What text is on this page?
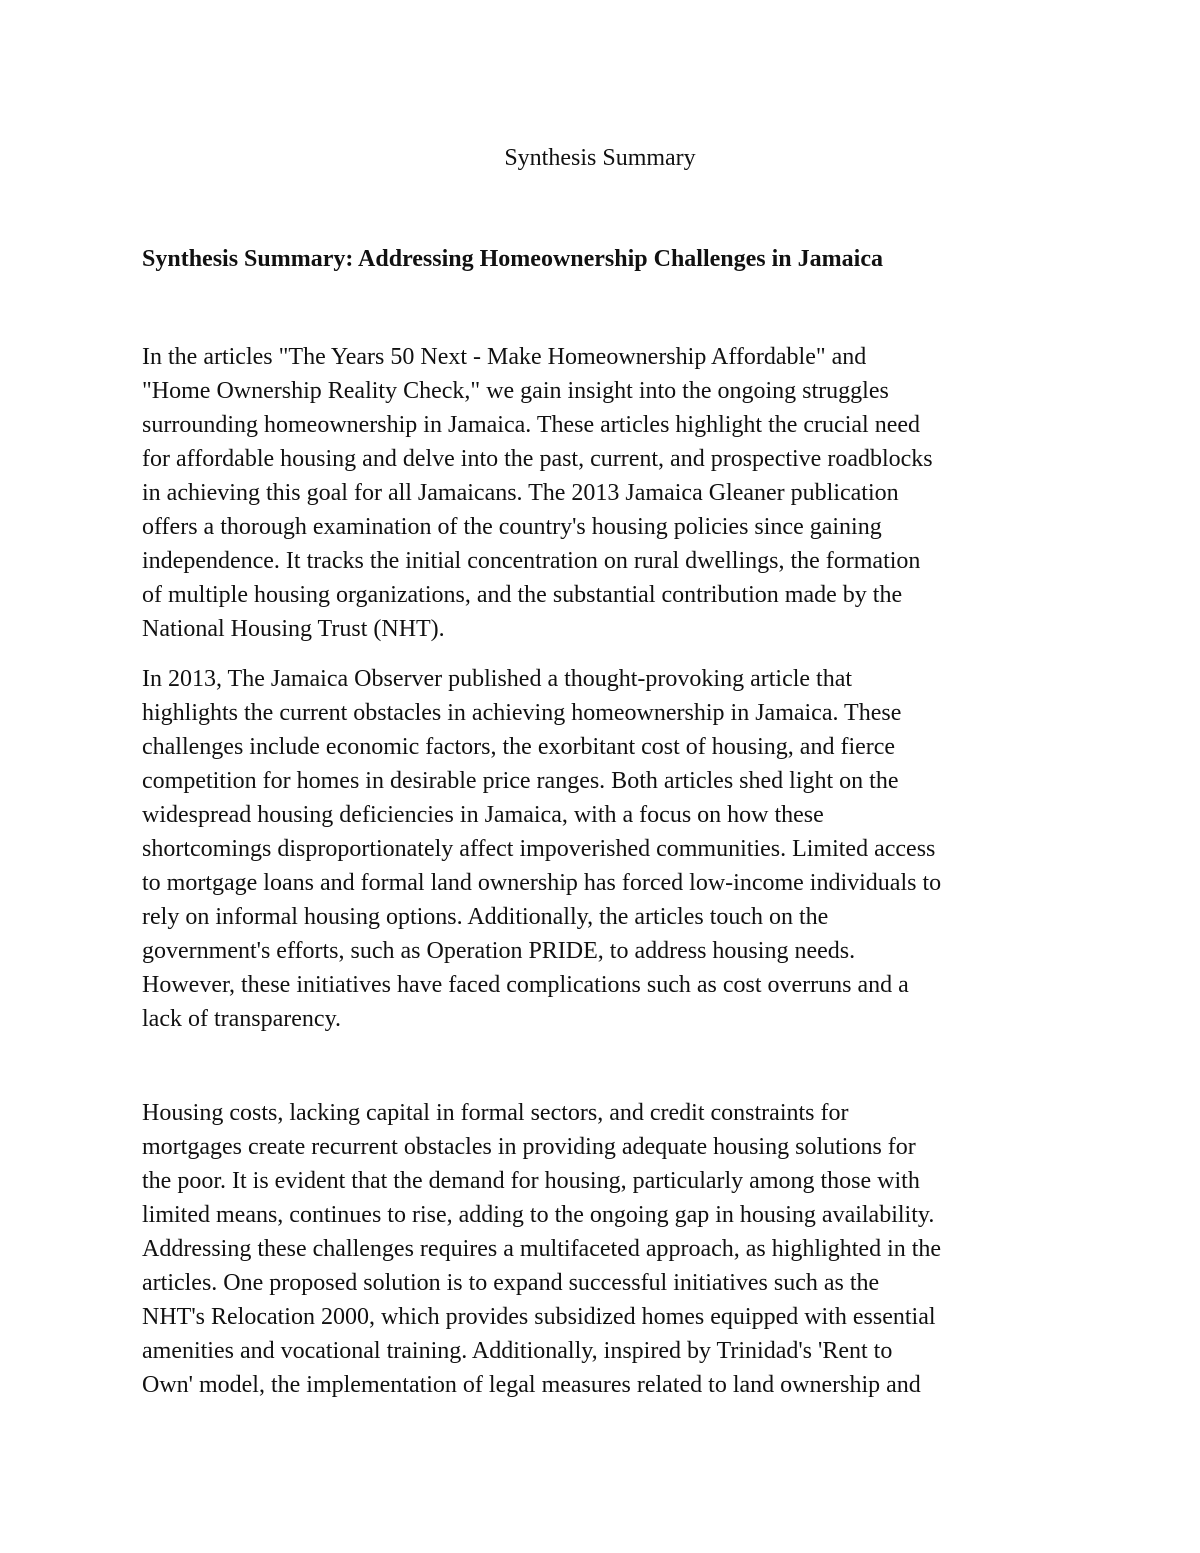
Synthesis Summary
Synthesis Summary: Addressing Homeownership Challenges in Jamaica

In the articles "The Years 50 Next - Make Homeownership Affordable" and
"Home Ownership Reality Check," we gain insight into the ongoing struggles
surrounding homeownership in Jamaica. These articles highlight the crucial need
for affordable housing and delve into the past, current, and prospective roadblocks
in achieving this goal for all Jamaicans. The 2013 Jamaica Gleaner publication
offers a thorough examination of the country's housing policies since gaining
independence. It tracks the initial concentration on rural dwellings, the formation
of multiple housing organizations, and the substantial contribution made by the
National Housing Trust (NHT).

In 2013, The Jamaica Observer published a thought-provoking article that
highlights the current obstacles in achieving homeownership in Jamaica. These
challenges include economic factors, the exorbitant cost of housing, and fierce
competition for homes in desirable price ranges. Both articles shed light on the
widespread housing deficiencies in Jamaica, with a focus on how these
shortcomings disproportionately affect impoverished communities. Limited access
to mortgage loans and formal land ownership has forced low-income individuals to
rely on informal housing options. Additionally, the articles touch on the
government's efforts, such as Operation PRIDE, to address housing needs.
However, these initiatives have faced complications such as cost overruns and a
lack of transparency.

Housing costs, lacking capital in formal sectors, and credit constraints for
mortgages create recurrent obstacles in providing adequate housing solutions for
the poor. It is evident that the demand for housing, particularly among those with
limited means, continues to rise, adding to the ongoing gap in housing availability.
Addressing these challenges requires a multifaceted approach, as highlighted in the
articles. One proposed solution is to expand successful initiatives such as the
NHT's Relocation 2000, which provides subsidized homes equipped with essential
amenities and vocational training. Additionally, inspired by Trinidad's 'Rent to
Own' model, the implementation of legal measures related to land ownership and
